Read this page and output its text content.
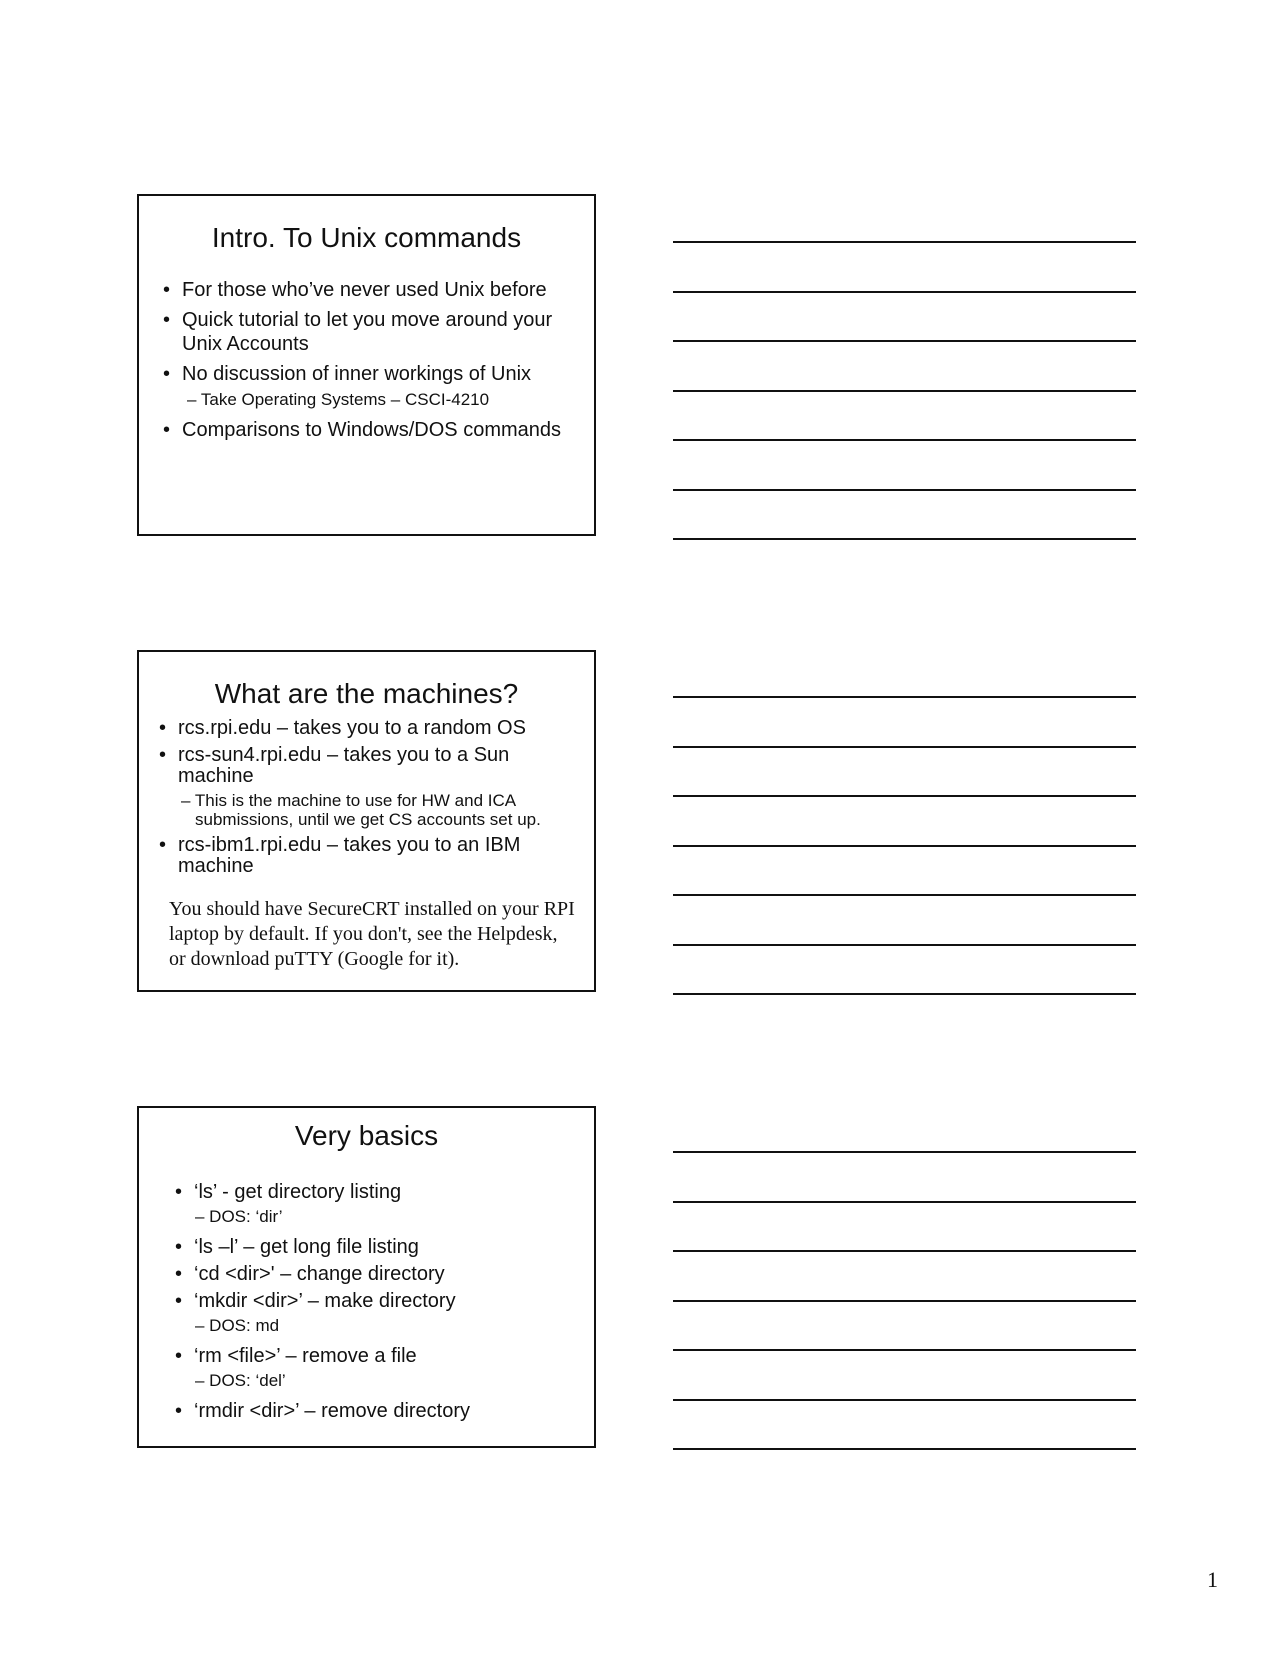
Intro. To Unix commands
• For those who’ve never used Unix before
• Quick tutorial to let you move around your Unix Accounts
• No discussion of inner workings of Unix
– Take Operating Systems – CSCI-4210
• Comparisons to Windows/DOS commands
What are the machines?
• rcs.rpi.edu – takes you to a random OS
• rcs-sun4.rpi.edu – takes you to a Sun machine
– This is the machine to use for HW and ICA submissions, until we get CS accounts set up.
• rcs-ibm1.rpi.edu – takes you to an IBM machine
You should have SecureCRT installed on your RPI laptop by default. If you don't, see the Helpdesk, or download puTTY (Google for it).
Very basics
• ‘ls’ - get directory listing
– DOS: ‘dir’
• ‘ls –l’ – get long file listing
• ‘cd <dir>' – change directory
• ‘mkdir <dir>’ – make directory
– DOS: md
• ‘rm <file>’ – remove a file
– DOS: ‘del’
• ‘rmdir <dir>’ – remove directory
1
